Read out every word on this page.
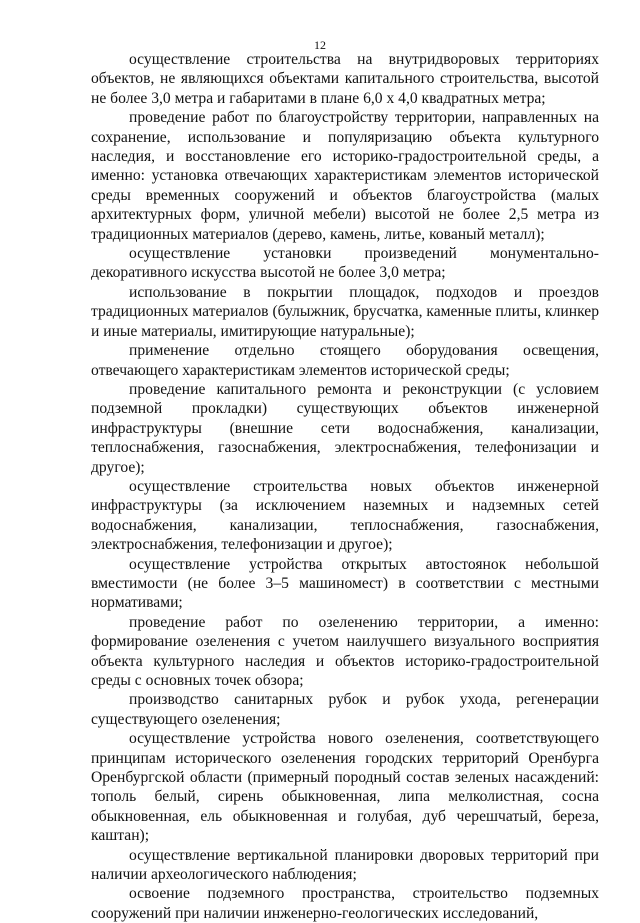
12

осуществление строительства на внутридворовых территориях объектов, не являющихся объектами капитального строительства, высотой не более 3,0 метра и габаритами в плане 6,0 х 4,0 квадратных метра;

проведение работ по благоустройству территории, направленных на сохранение, использование и популяризацию объекта культурного наследия, и восстановление его историко-градостроительной среды, а именно: установка отвечающих характеристикам элементов исторической среды временных сооружений и объектов благоустройства (малых архитектурных форм, уличной мебели) высотой не более 2,5 метра из традиционных материалов (дерево, камень, литье, кованый металл);

осуществление установки произведений монументально-декоративного искусства высотой не более 3,0 метра;

использование в покрытии площадок, подходов и проездов традиционных материалов (булыжник, брусчатка, каменные плиты, клинкер и иные материалы, имитирующие натуральные);

применение отдельно стоящего оборудования освещения, отвечающего характеристикам элементов исторической среды;

проведение капитального ремонта и реконструкции (с условием подземной прокладки) существующих объектов инженерной инфраструктуры (внешние сети водоснабжения, канализации, теплоснабжения, газоснабжения, электроснабжения, телефонизации и другое);

осуществление строительства новых объектов инженерной инфраструктуры (за исключением наземных и надземных сетей водоснабжения, канализации, теплоснабжения, газоснабжения, электроснабжения, телефонизации и другое);

осуществление устройства открытых автостоянок небольшой вместимости (не более 3–5 машиномест) в соответствии с местными нормативами;

проведение работ по озеленению территории, а именно: формирование озеленения с учетом наилучшего визуального восприятия объекта культурного наследия и объектов историко-градостроительной среды с основных точек обзора;

производство санитарных рубок и рубок ухода, регенерации существующего озеленения;

осуществление устройства нового озеленения, соответствующего принципам исторического озеленения городских территорий Оренбурга Оренбургской области (примерный породный состав зеленых насаждений: тополь белый, сирень обыкновенная, липа мелколистная, сосна обыкновенная, ель обыкновенная и голубая, дуб черешчатый, береза, каштан);

осуществление вертикальной планировки дворовых территорий при наличии археологического наблюдения;

освоение подземного пространства, строительство подземных сооружений при наличии инженерно-геологических исследований,
